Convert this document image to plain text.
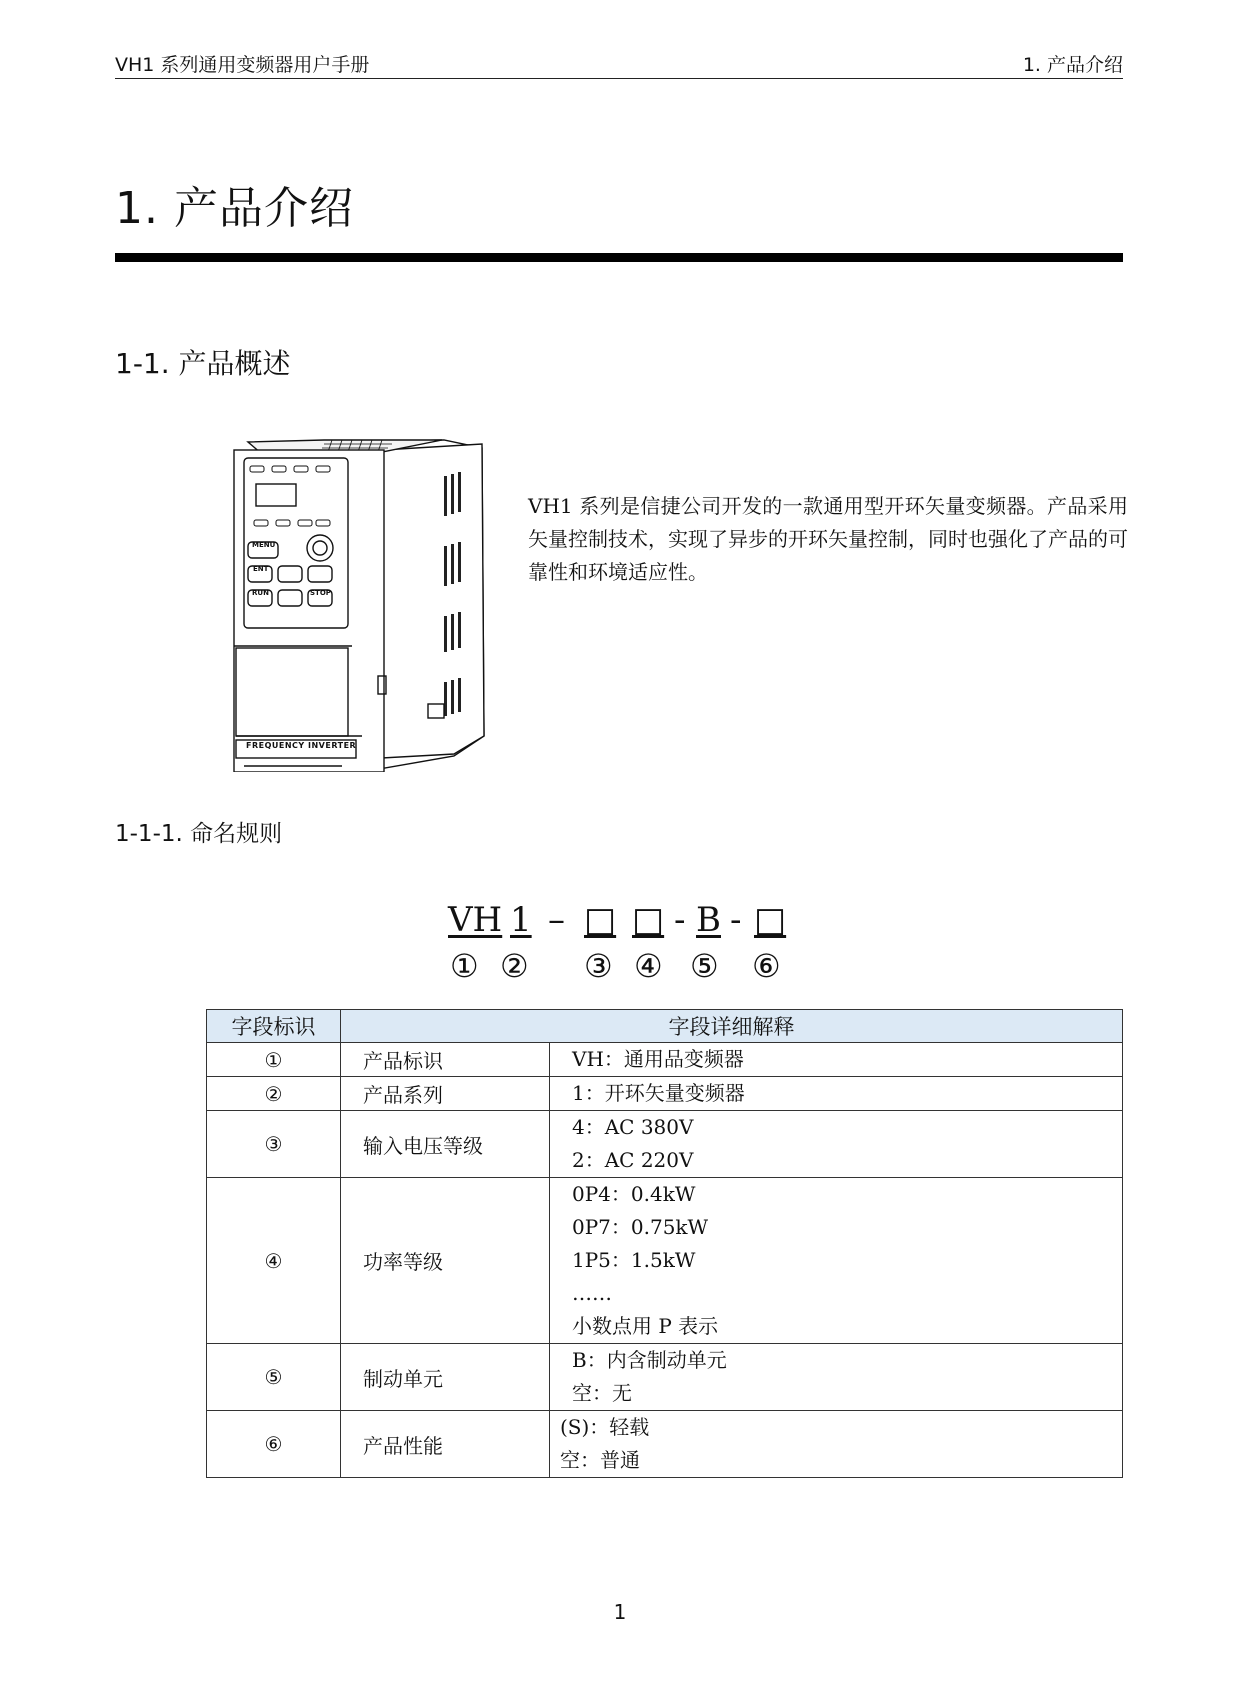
VH1 系列通用变频器用户手册	1. 产品介绍
1. 产品介绍
1-1. 产品概述
MENU
ENT
RUN	STOP
FREQUENCY INVERTER
VH1 系列是信捷公司开发的一款通用型开环矢量变频器。产品采用矢量控制技术，实现了异步的开环矢量控制，同时也强化了产品的可靠性和环境适应性。
1-1-1. 命名规则
VH 1 – □ □ - B - □
① ② ③ ④ ⑤ ⑥
字段标识	字段详细解释	
①	产品标识	VH：通用品变频器

②	产品系列	1：开环矢量变频器

③	输入电压等级	4：AC 380V
2：AC 220V

④	功率等级	0P4：0.4kW
0P7：0.75kW
1P5：1.5kW
……
小数点用 P 表示

⑤	制动单元	B：内含制动单元
空：无

⑥	产品性能	(S)：轻载
空：普通
1
